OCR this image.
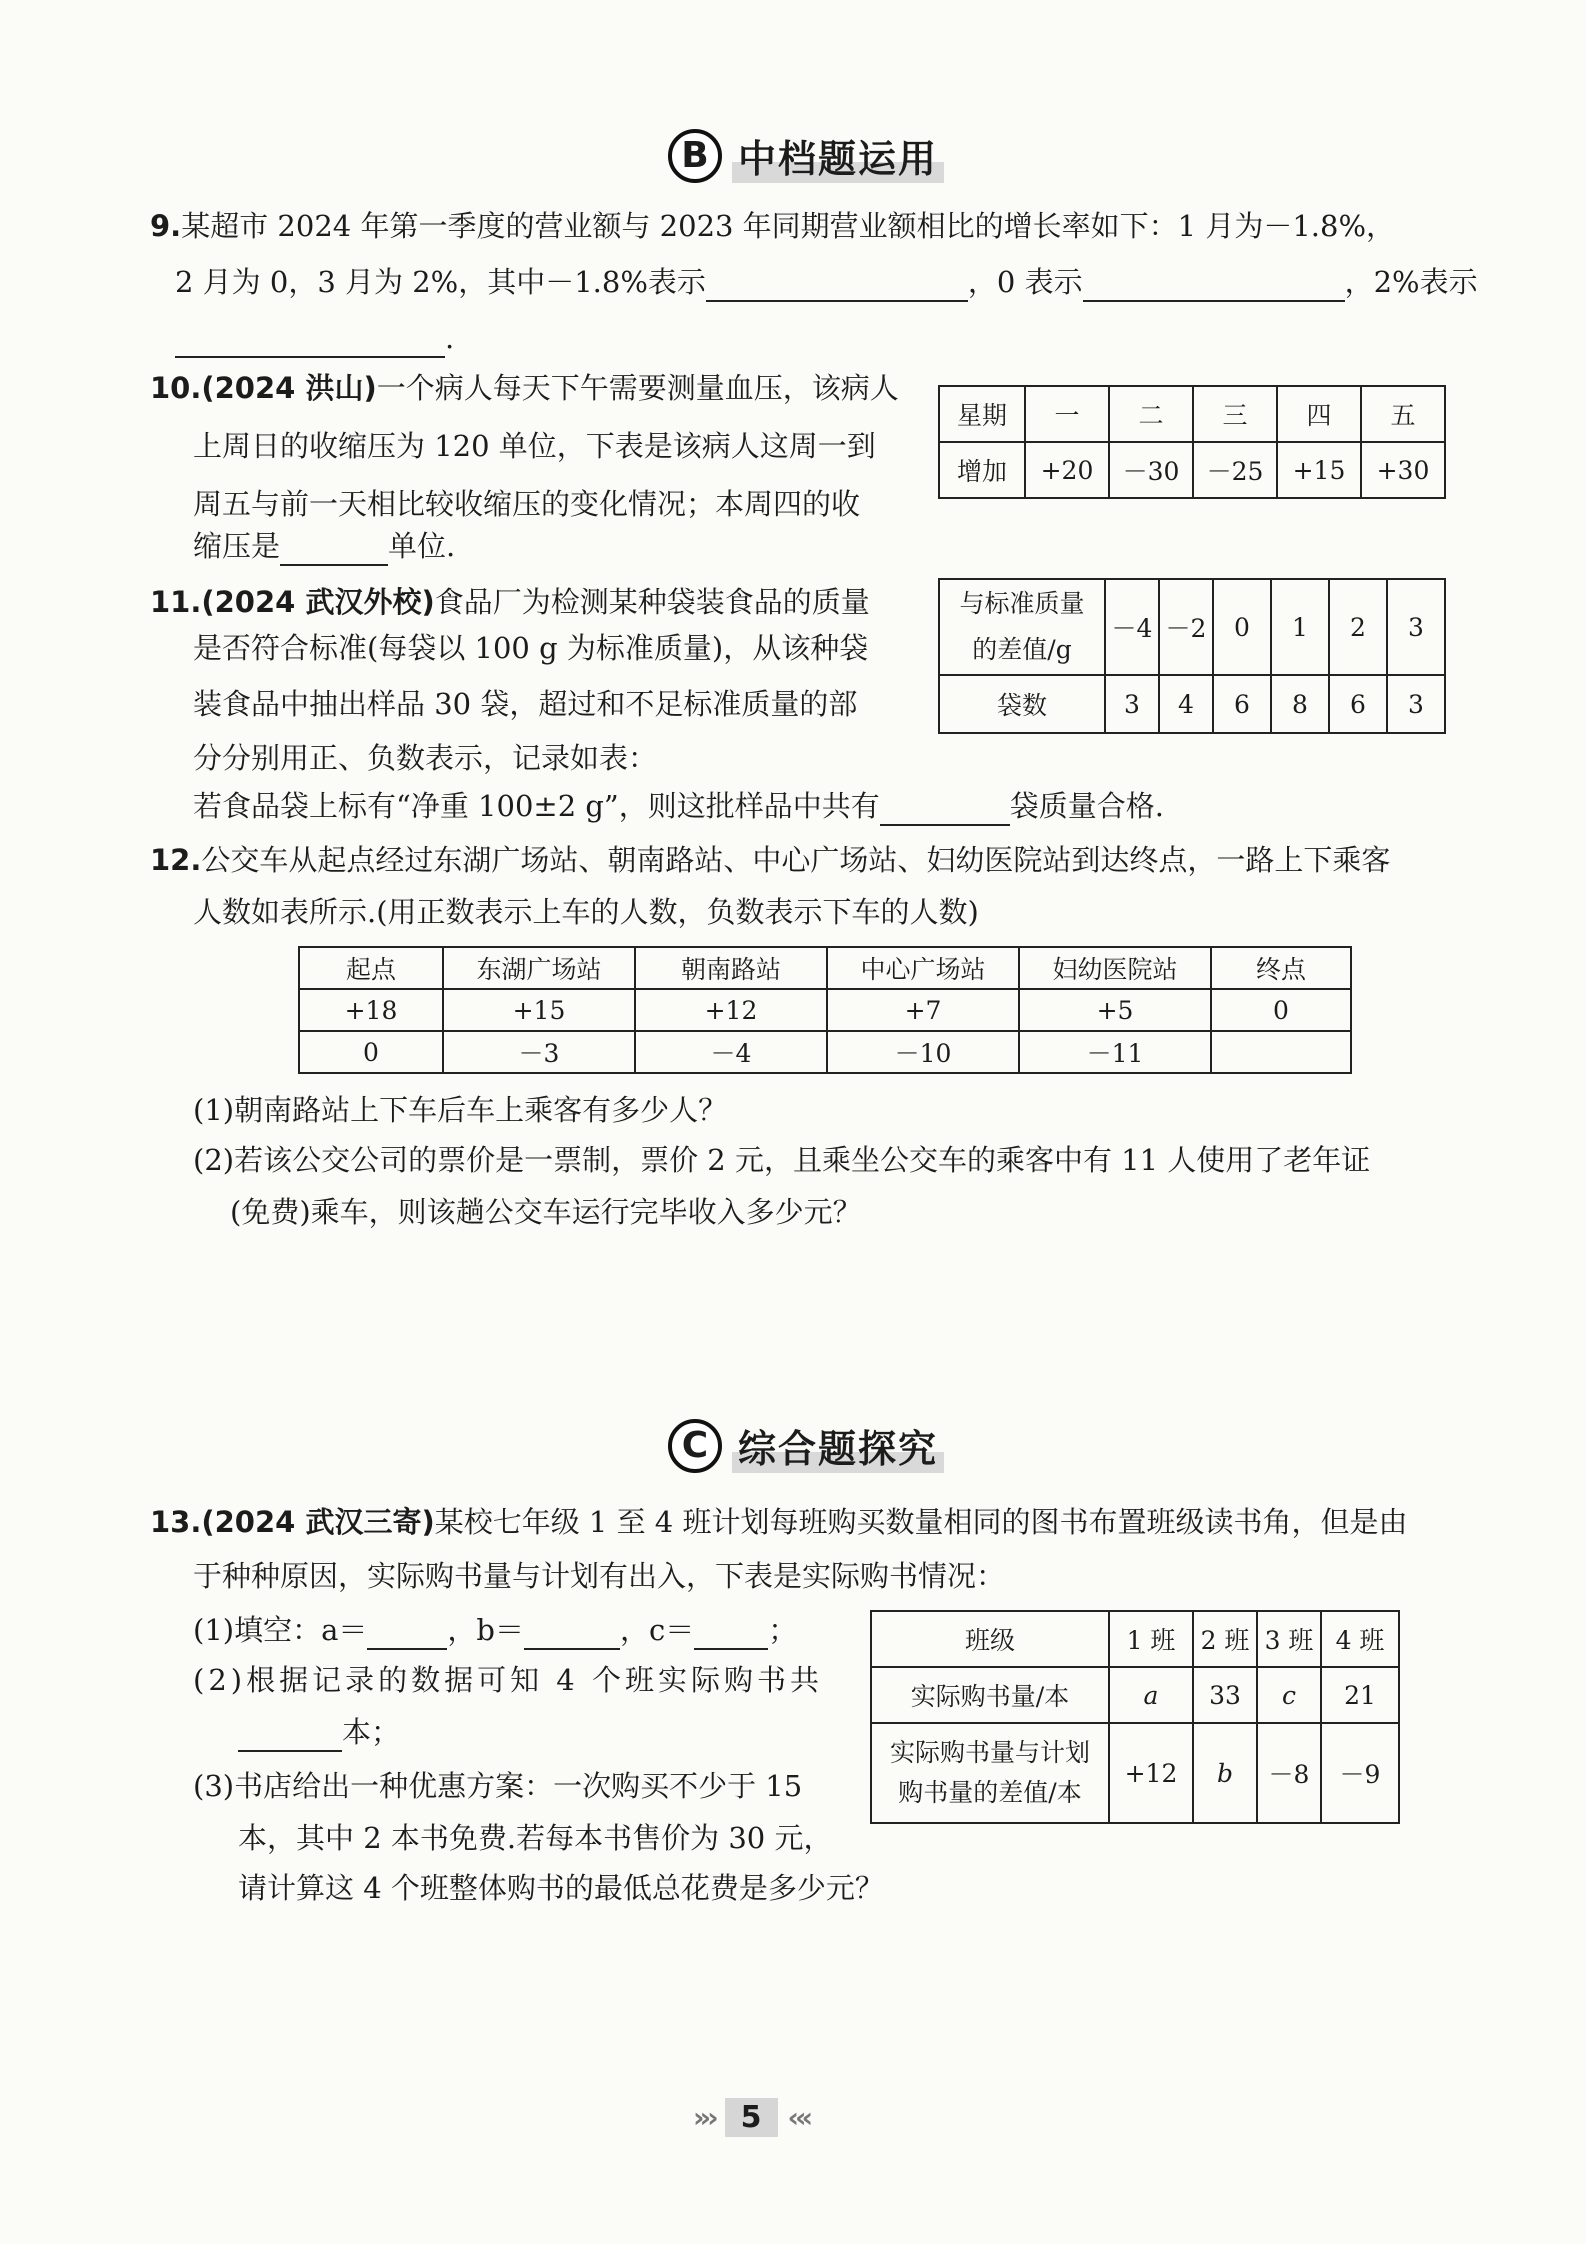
B 中档题运用
9.某超市 2024 年第一季度的营业额与 2023 年同期营业额相比的增长率如下：1 月为－1.8%，
2 月为 0，3 月为 2%，其中－1.8%表示	，0 表示	，2%表示
.
10.(2024 洪山)一个病人每天下午需要测量血压，该病人
上周日的收缩压为 120 单位，下表是该病人这周一到
周五与前一天相比较收缩压的变化情况；本周四的收
缩压是	单位.
星期	一	二	三	四	五
增加	+20	－30	－25	+15	+30
11.(2024 武汉外校)食品厂为检测某种袋装食品的质量
是否符合标准(每袋以 100 g 为标准质量)，从该种袋
装食品中抽出样品 30 袋，超过和不足标准质量的部
分分别用正、负数表示，记录如表：
若食品袋上标有“净重 100±2 g”，则这批样品中共有	袋质量合格.
与标准质量
的差值/g	－4	－2	0	1	2	3

袋数	3	4	6	8	6	3
12.公交车从起点经过东湖广场站、朝南路站、中心广场站、妇幼医院站到达终点，一路上下乘客
人数如表所示.(用正数表示上车的人数，负数表示下车的人数)
起点	东湖广场站	朝南路站	中心广场站	妇幼医院站	终点
+18	+15	+12	+7	+5	0
0	－3	－4	－10	－11	
(1)朝南路站上下车后车上乘客有多少人？
(2)若该公交公司的票价是一票制，票价 2 元，且乘坐公交车的乘客中有 11 人使用了老年证
(免费)乘车，则该趟公交车运行完毕收入多少元？
C 综合题探究
13.(2024 武汉三寄)某校七年级 1 至 4 班计划每班购买数量相同的图书布置班级读书角，但是由
于种种原因，实际购书量与计划有出入，下表是实际购书情况：
(1)填空：a＝	，b＝	，c＝	；
(2)根据记录的数据可知 4 个班实际购书共
本；
(3)书店给出一种优惠方案：一次购买不少于 15
本，其中 2 本书免费.若每本书售价为 30 元，
请计算这 4 个班整体购书的最低总花费是多少元？
班级	1 班	2 班	3 班	4 班
实际购书量/本	a	33	c	21

实际购书量与计划
购书量的差值/本	+12	b	－8	－9
»› 5 ‹«
